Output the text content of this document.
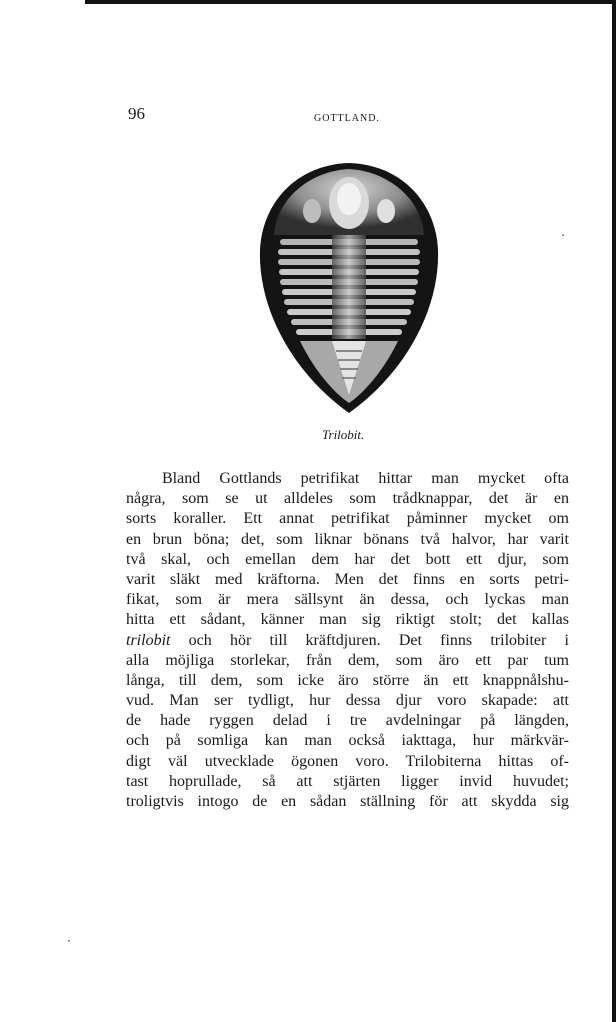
96	GOTTLAND.
Trilobit.
Bland Gottlands petrifikat hittar man mycket ofta
några, som se ut alldeles som trådknappar, det är en
sorts koraller. Ett annat petrifikat påminner mycket om
en brun böna; det, som liknar bönans två halvor, har varit
två skal, och emellan dem har det bott ett djur, som
varit släkt med kräftorna. Men det finns en sorts petri-
fikat, som är mera sällsynt än dessa, och lyckas man
hitta ett sådant, känner man sig riktigt stolt; det kallas
trilobit och hör till kräftdjuren. Det finns trilobiter i
alla möjliga storlekar, från dem, som äro ett par tum
långa, till dem, som icke äro större än ett knappnålshu-
vud. Man ser tydligt, hur dessa djur voro skapade: att
de hade ryggen delad i tre avdelningar på längden,
och på somliga kan man också iakttaga, hur märkvär-
digt väl utvecklade ögonen voro. Trilobiterna hittas of-
tast hoprullade, så att stjärten ligger invid huvudet;
troligtvis intogo de en sådan ställning för att skydda sig
